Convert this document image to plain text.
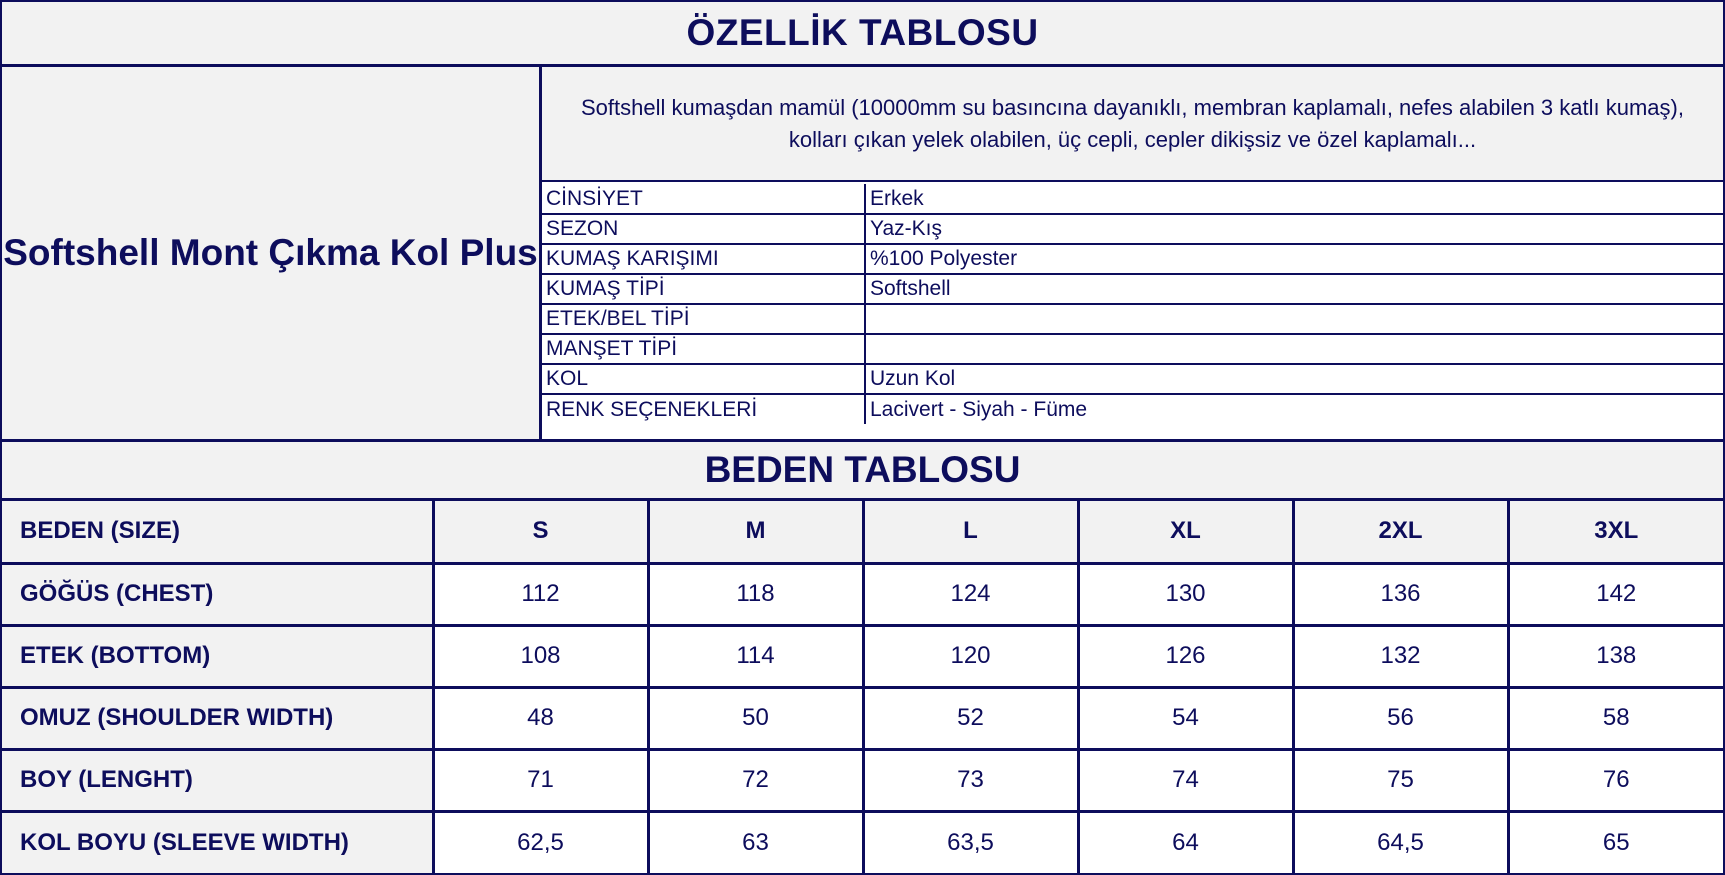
ÖZELLİK TABLOSU
Softshell Mont Çıkma Kol Plus
Softshell kumaşdan mamül (10000mm su basıncına dayanıklı, membran kaplamalı, nefes alabilen 3 katlı kumaş), kolları çıkan yelek olabilen, üç cepli, cepler dikişsiz ve özel kaplamalı...
CİNSİYET	Erkek
SEZON	Yaz-Kış
KUMAŞ KARIŞIMI	%100 Polyester
KUMAŞ TİPİ	Softshell
ETEK/BEL TİPİ	
MANŞET TİPİ	
KOL	Uzun Kol
RENK SEÇENEKLERİ	Lacivert - Siyah - Füme
BEDEN TABLOSU
BEDEN (SIZE)	S	M	L	XL	2XL	3XL
GÖĞÜS (CHEST)	112	118	124	130	136	142
ETEK (BOTTOM)	108	114	120	126	132	138
OMUZ (SHOULDER WIDTH)	48	50	52	54	56	58
BOY (LENGHT)	71	72	73	74	75	76
KOL BOYU (SLEEVE WIDTH)	62,5	63	63,5	64	64,5	65
